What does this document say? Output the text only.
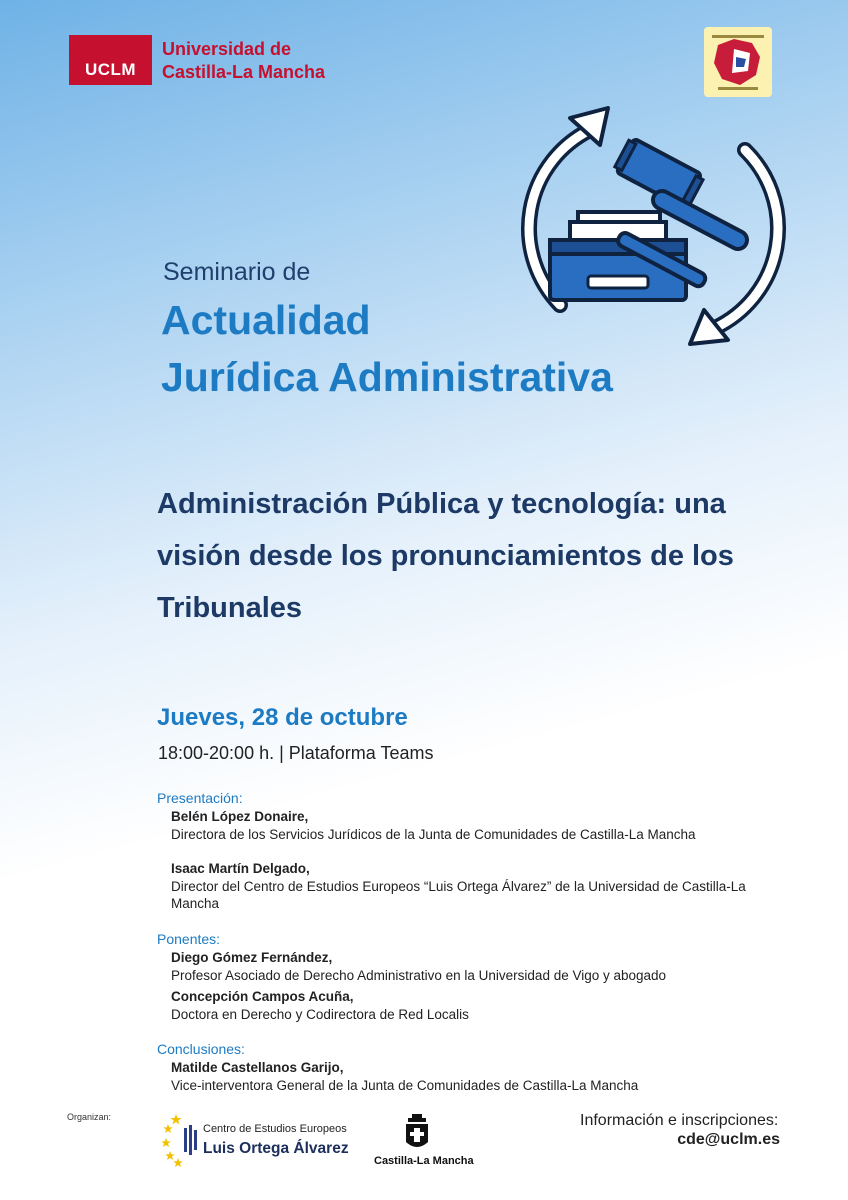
UCLM
Universidad de
Castilla-La Mancha
Seminario de
Actualidad
Jurídica Administrativa
Administración Pública y tecnología: una visión desde los pronunciamientos de los Tribunales
Jueves, 28 de octubre
18:00-20:00 h. | Plataforma Teams
Presentación:
Belén López Donaire,
Directora de los Servicios Jurídicos de la Junta de Comunidades de Castilla-La Mancha
Isaac Martín Delgado,
Director del Centro de Estudios Europeos “Luis Ortega Álvarez” de la Universidad de Castilla-La Mancha
Ponentes:
Diego Gómez Fernández,
Profesor Asociado de Derecho Administrativo en la Universidad de Vigo y abogado
Concepción Campos Acuña,
Doctora en Derecho y Codirectora de Red Localis
Conclusiones:
Matilde Castellanos Garijo,
Vice-interventora General de la Junta de Comunidades de Castilla-La Mancha
Organizan:
Centro de Estudios Europeos
Luis Ortega Álvarez
Castilla-La Mancha
Información e inscripciones:
cde@uclm.es
